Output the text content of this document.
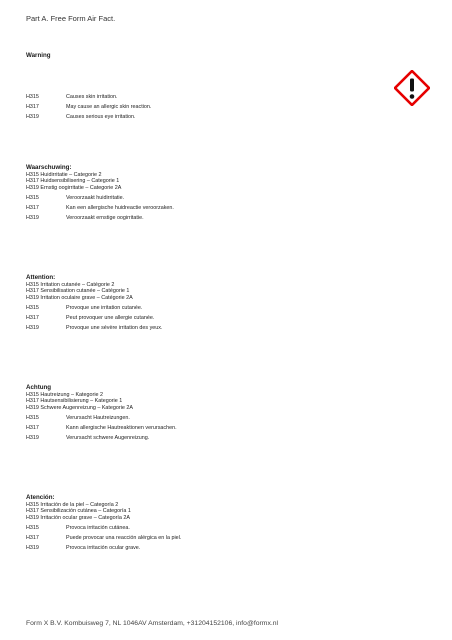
Part A. Free Form Air Fact.
Warning
H315	Causes skin irritation.
H317	May cause an allergic skin reaction.
H319	Causes serious eye irritation.
Waarschuwing:
H315 Huidirritatie – Categorie 2
H317 Huidsensibilisering – Categorie 1
H319 Ernstig oogirritatie – Categorie 2A
H315	Veroorzaakt huidirritatie.
H317	Kan een allergische huidreactie veroorzaken.
H319	Veroorzaakt ernstige oogirritatie.
Attention:
H315 Irritation cutanée – Catégorie 2
H317 Sensibilisation cutanée – Catégorie 1
H319 Irritation oculaire grave – Catégorie 2A
H315	Provoque une irritation cutanée.
H317	Peut provoquer une allergie cutanée.
H319	Provoque une sévère irritation des yeux.
Achtung
H315 Hautreizung – Kategorie 2
H317 Hautsensibilisierung – Kategorie 1
H319 Schwere Augenreizung – Kategorie 2A
H315	Verursacht Hautreizungen.
H317	Kann allergische Hautreaktionen verursachen.
H319	Verursacht schwere Augenreizung.
Atención:
H315 Irritación de la piel – Categoría 2
H317 Sensibilización cutánea – Categoría 1
H319 Irritación ocular grave – Categoría 2A
H315	Provoca irritación cutánea.
H317	Puede provocar una reacción alérgica en la piel.
H319	Provoca irritación ocular grave.
Form X B.V. Kombuisweg 7, NL 1046AV Amsterdam, +31204152106, info@formx.nl
